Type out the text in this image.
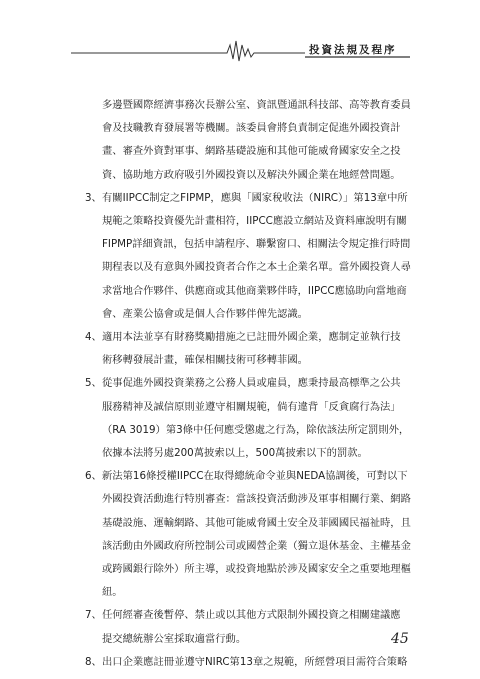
投資法規及程序
多邊暨國際經濟事務次長辦公室、資訊暨通訊科技部、高等教育委員
會及技職教育發展署等機關。該委員會將負責制定促進外國投資計
畫、審查外資對軍事、網路基礎設施和其他可能威脅國家安全之投
資、協助地方政府吸引外國投資以及解決外國企業在地經營問題。
3、 有關IIPCC制定之FIPMP，應與「國家稅收法（NIRC）」第13章中所
規範之策略投資優先計畫相符，IIPCC應設立網站及資料庫說明有關
FIPMP詳細資訊，包括申請程序、聯繫窗口、相關法令規定推行時間
期程表以及有意與外國投資者合作之本土企業名單。當外國投資人尋
求當地合作夥伴、供應商或其他商業夥伴時，IIPCC應協助向當地商
會、產業公協會或是個人合作夥伴俾先認識。
4、 適用本法並享有財務獎勵措施之已註冊外國企業，應制定並執行技
術移轉發展計畫，確保相關技術可移轉菲國。
5、 從事促進外國投資業務之公務人員或雇員，應秉持最高標準之公共
服務精神及誠信原則並遵守相關規範，倘有違背「反貪腐行為法」
（RA 3019）第3條中任何應受懲處之行為，除依該法所定罰則外，
依據本法將另處200萬披索以上，500萬披索以下的罰款。
6、 新法第16條授權IIPCC在取得總統命令並與NEDA協調後，可對以下
外國投資活動進行特別審查：當該投資活動涉及軍事相關行業、網路
基礎設施、運輸網路、其他可能威脅國土安全及菲國國民福祉時，且
該活動由外國政府所控制公司或國營企業（獨立退休基金、主權基金
或跨國銀行除外）所主導，或投資地點於涉及國家安全之重要地理樞
紐。
7、 任何經審查後暫停、禁止或以其他方式限制外國投資之相關建議應
提交總統辦公室採取適當行動。
8、 出口企業應註冊並遵守NIRC第13章之規範，所經營項目需符合策略
45
